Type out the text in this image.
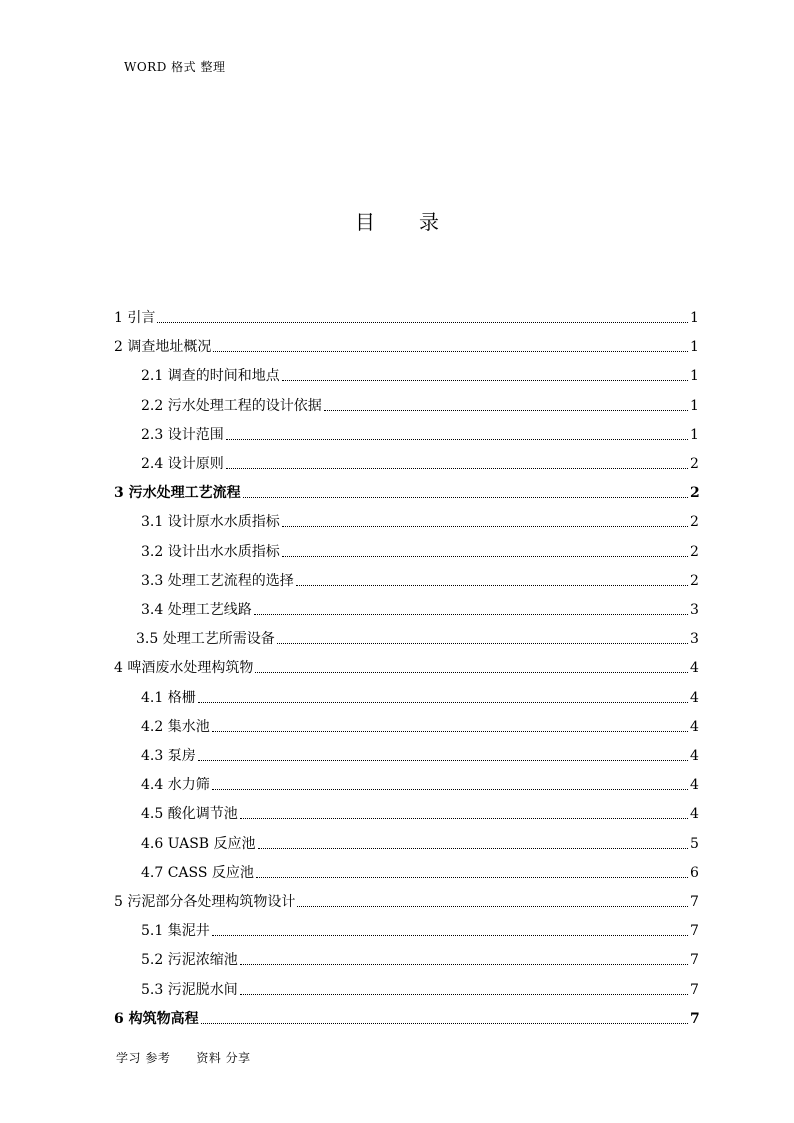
WORD 格式 整理
目 录
1 引言	1
2 调查地址概况	1
2.1 调查的时间和地点	1
2.2 污水处理工程的设计依据	1
2.3 设计范围	1
2.4 设计原则	2
3 污水处理工艺流程	2
3.1 设计原水水质指标	2
3.2 设计出水水质指标	2
3.3 处理工艺流程的选择	2
3.4 处理工艺线路	3
3.5 处理工艺所需设备	3
4 啤酒废水处理构筑物	4
4.1 格栅	4
4.2 集水池	4
4.3 泵房	4
4.4 水力筛	4
4.5 酸化调节池	4
4.6 UASB 反应池	5
4.7 CASS 反应池	6
5 污泥部分各处理构筑物设计	7
5.1 集泥井	7
5.2 污泥浓缩池	7
5.3 污泥脱水间	7
6 构筑物高程	7
学习 参考 资料 分享
